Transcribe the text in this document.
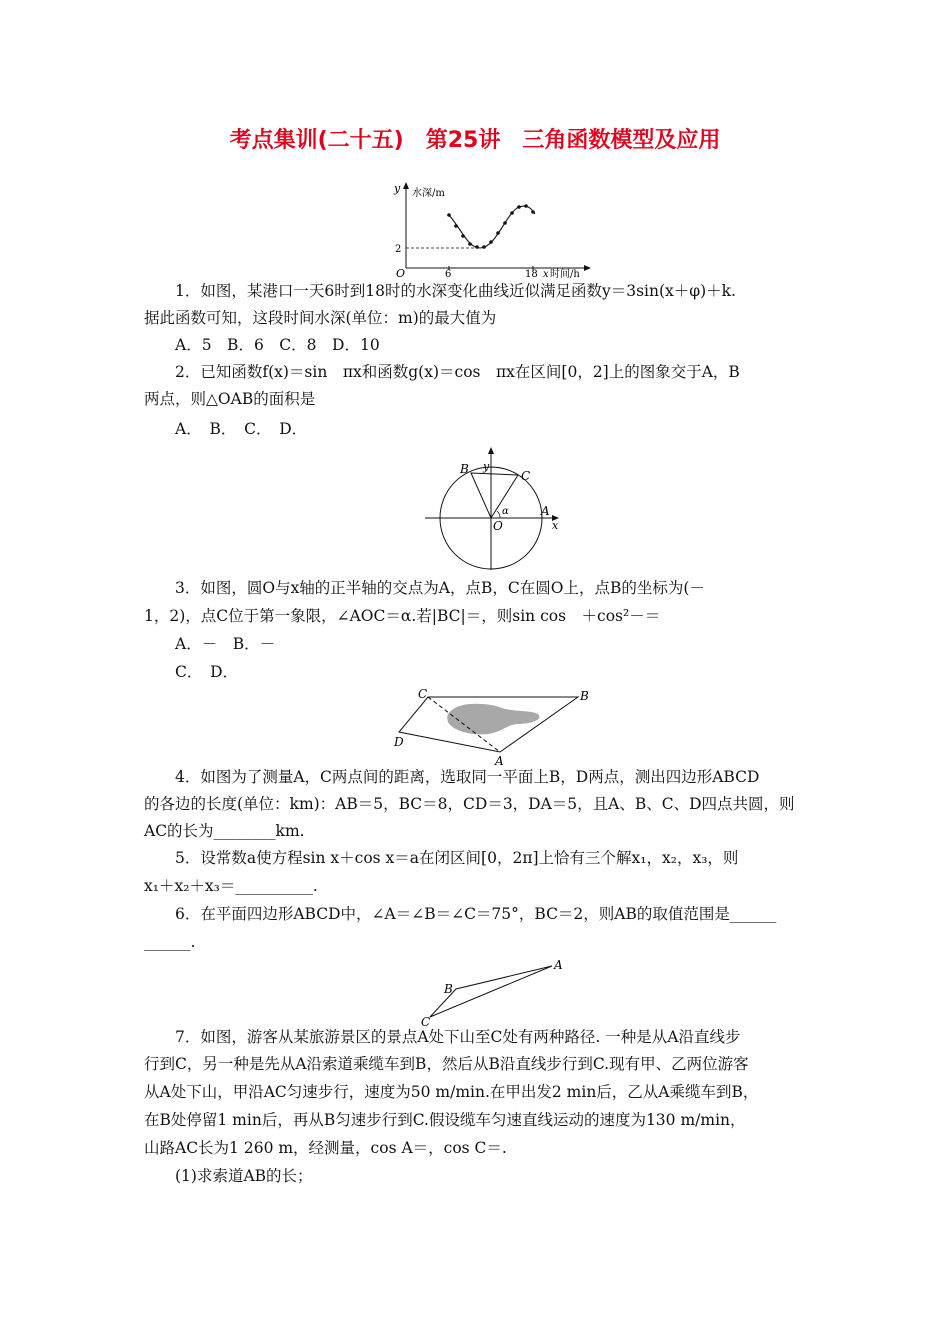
考点集训(二十五)　第25讲　三角函数模型及应用
y 水深/m
2
O	6	18 x 时间/h
1．如图，某港口一天6时到18时的水深变化曲线近似满足函数y＝3sin(x＋φ)＋k.
据此函数可知，这段时间水深(单位：m)的最大值为
A．5　B．6　C．8　D．10
2．已知函数f(x)＝sin　πx和函数g(x)＝cos　πx在区间[0，2]上的图象交于A，B
两点，则△OAB的面积是
A．　B．　C．　D．
y
x
B	C
A
O
α
3．如图，圆O与x轴的正半轴的交点为A，点B，C在圆O上，点B的坐标为(－
1，2)，点C位于第一象限，∠AOC＝α.若|BC|＝，则sin cos　＋cos²－＝
A．－　B．－
C．　D．
C	B
D
A
4．如图为了测量A，C两点间的距离，选取同一平面上B，D两点，测出四边形ABCD
的各边的长度(单位：km)：AB＝5，BC＝8，CD＝3，DA＝5，且A、B、C、D四点共圆，则
AC的长为________km.
5．设常数a使方程sin x＋cos x＝a在闭区间[0，2π]上恰有三个解x₁，x₂，x₃，则
x₁＋x₂＋x₃＝__________.
6．在平面四边形ABCD中，∠A＝∠B＝∠C＝75°，BC＝2，则AB的取值范围是______
______.
A
B
C
7．如图，游客从某旅游景区的景点A处下山至C处有两种路径. 一种是从A沿直线步
行到C，另一种是先从A沿索道乘缆车到B，然后从B沿直线步行到C.现有甲、乙两位游客
从A处下山，甲沿AC匀速步行，速度为50 m/min.在甲出发2 min后，乙从A乘缆车到B，
在B处停留1 min后，再从B匀速步行到C.假设缆车匀速直线运动的速度为130 m/min，
山路AC长为1 260 m，经测量，cos A＝，cos C＝.
(1)求索道AB的长；
